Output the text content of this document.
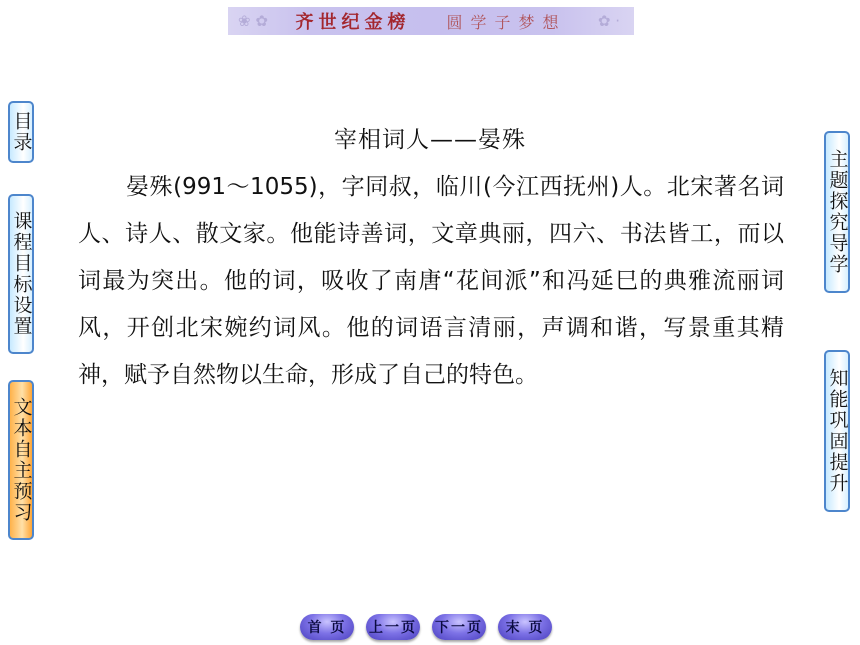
❀ ✿ 齐世纪金榜 圆学子梦想 ✿ ·
目录
课程目标设置
文本自主预习
主题探究导学
知能巩固提升
宰相词人——晏殊

晏殊(991～1055)，字同叔，临川(今江西抚州)人。北宋著名词人、诗人、散文家。他能诗善词，文章典丽，四六、书法皆工，而以词最为突出。他的词，吸收了南唐“花间派”和冯延巳的典雅流丽词风，开创北宋婉约词风。他的词语言清丽，声调和谐，写景重其精神，赋予自然物以生命，形成了自己的特色。

首 页	上一页 下一页	末 页
